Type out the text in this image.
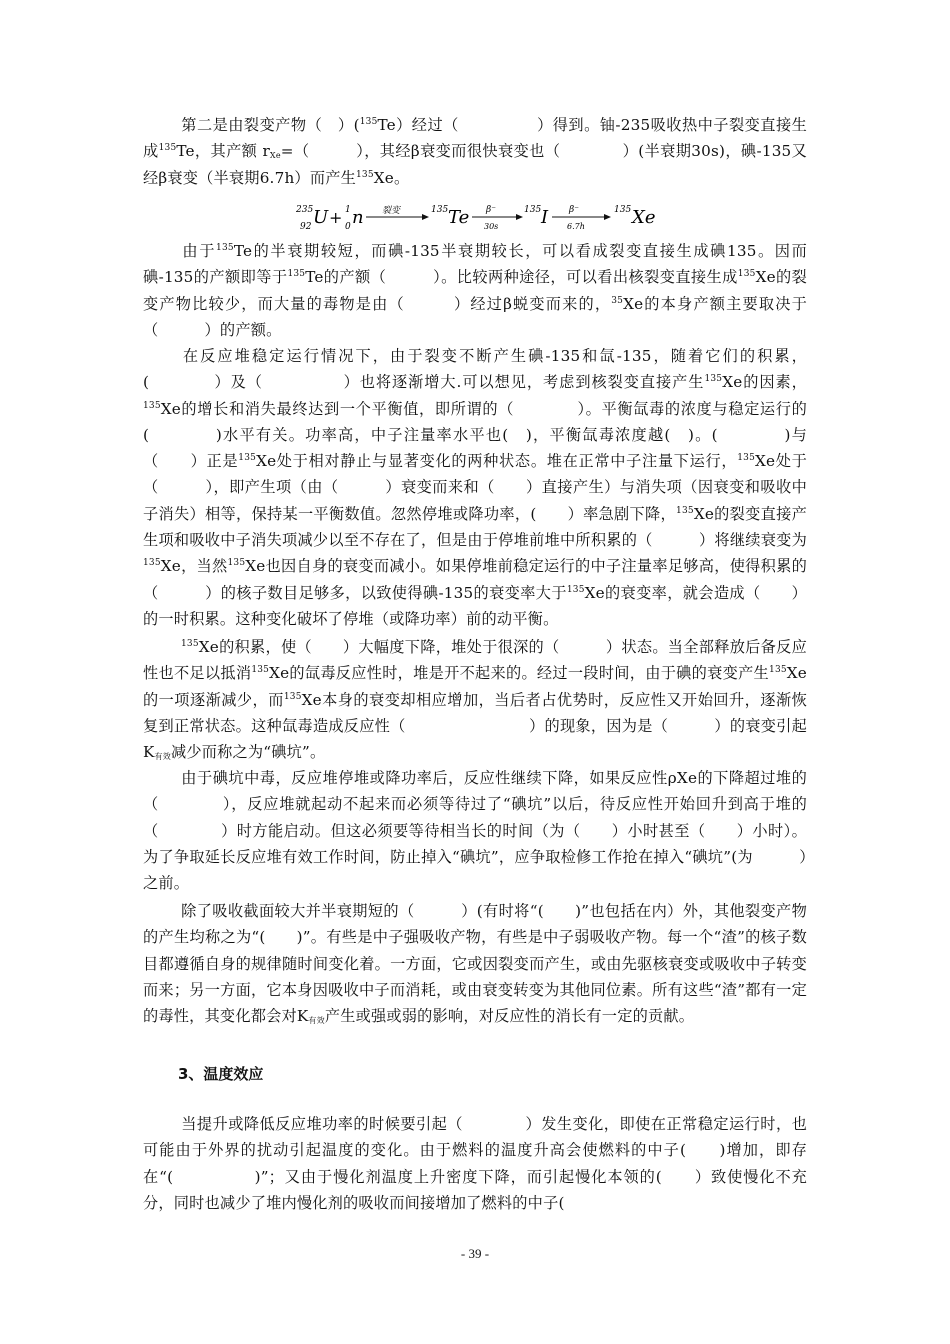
第二是由裂变产物（　）($^{135}$Te）经过（　　　　　）得到。铀-235吸收热中子裂变直接生成$^{135}$Te，其产额 $r_{Xe}=$（　　　），其经β衰变而很快衰变也（　　　　）(半衰期30s)，碘-135又经β衰变（半衰期6.7h）而产生$^{135}$Xe。

235
92 U + 1
0 n 裂变	135 Te β⁻
30s
135 I β⁻
6.7h
135 Xe

由于$^{135}$Te的半衰期较短，而碘-135半衰期较长，可以看成裂变直接生成碘135。因而碘-135的产额即等于$^{135}$Te的产额（　　　）。比较两种途径，可以看出核裂变直接生成$^{135}$Xe的裂变产物比较少，而大量的毒物是由（　　　）经过β蜕变而来的，$^{35}$Xe的本身产额主要取决于（　　　）的产额。

在反应堆稳定运行情况下，由于裂变不断产生碘-135和氙-135，随着它们的积累，(　　　　）及（　　　　　）也将逐渐增大.可以想见，考虑到核裂变直接产生$^{135}$Xe的因素，$^{135}$Xe的增长和消失最终达到一个平衡值，即所谓的（　　　　）。平衡氙毒的浓度与稳定运行的(　　　　)水平有关。功率高，中子注量率水平也(　)，平衡氙毒浓度越(　)。(　　　　)与（　　）正是$^{135}$Xe处于相对静止与显著变化的两种状态。堆在正常中子注量下运行，$^{135}$Xe处于（　　　），即产生项（由（　　　）衰变而来和（　　）直接产生）与消失项（因衰变和吸收中子消失）相等，保持某一平衡数值。忽然停堆或降功率，(　　）率急剧下降，$^{135}$Xe的裂变直接产生项和吸收中子消失项减少以至不存在了，但是由于停堆前堆中所积累的（　　　）将继续衰变为$^{135}$Xe，当然$^{135}$Xe也因自身的衰变而减小。如果停堆前稳定运行的中子注量率足够高，使得积累的（　　　）的核子数目足够多，以致使得碘-135的衰变率大于$^{135}$Xe的衰变率，就会造成（　　）的一时积累。这种变化破坏了停堆（或降功率）前的动平衡。

$^{135}$Xe的积累，使（　　）大幅度下降，堆处于很深的（　　　）状态。当全部释放后备反应性也不足以抵消$^{135}$Xe的氙毒反应性时，堆是开不起来的。经过一段时间，由于碘的衰变产生$^{135}$Xe的一项逐渐减少，而$^{135}$Xe本身的衰变却相应增加，当后者占优势时，反应性又开始回升，逐渐恢复到正常状态。这种氙毒造成反应性（　　　　　　　　）的现象，因为是（　　　）的衰变引起$K_{有效}$减少而称之为“碘坑”。

由于碘坑中毒，反应堆停堆或降功率后，反应性继续下降，如果反应性ρXe的下降超过堆的（　　　　），反应堆就起动不起来而必须等待过了“碘坑”以后，待反应性开始回升到高于堆的（　　　　）时方能启动。但这必须要等待相当长的时间（为（　　）小时甚至（　　）小时）。为了争取延长反应堆有效工作时间，防止掉入“碘坑”，应争取检修工作抢在掉入“碘坑”(为　　　）之前。

除了吸收截面较大并半衰期短的（　　　）(有时将“(　　)”也包括在内）外，其他裂变产物的产生均称之为“(　　)”。有些是中子强吸收产物，有些是中子弱吸收产物。每一个“渣”的核子数目都遵循自身的规律随时间变化着。一方面，它或因裂变而产生，或由先驱核衰变或吸收中子转变而来；另一方面，它本身因吸收中子而消耗，或由衰变转变为其他同位素。所有这些“渣”都有一定的毒性，其变化都会对$K_{有效}$产生或强或弱的影响，对反应性的消长有一定的贡献。

3、温度效应

当提升或降低反应堆功率的时候要引起（　　　　）发生变化，即使在正常稳定运行时，也可能由于外界的扰动引起温度的变化。由于燃料的温度升高会使燃料的中子(　　)增加，即存在“(　　　　　)”；又由于慢化剂温度上升密度下降，而引起慢化本领的(　　）致使慢化不充分，同时也减少了堆内慢化剂的吸收而间接增加了燃料的中子(

- 39 -
